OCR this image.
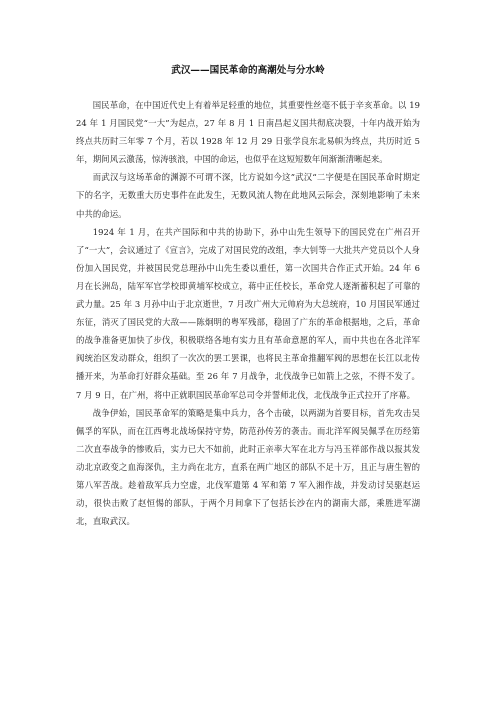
武汉——国民革命的高潮处与分水岭

国民革命，在中国近代史上有着举足轻重的地位，其重要性丝毫不低于辛亥革命。以 1924 年 1 月国民党“一大”为起点，27 年 8 月 1 日南昌起义国共彻底决裂，十年内战开始为终点共历时三年零 7 个月，若以 1928 年 12 月 29 日张学良东北易帜为终点，共历时近 5 年，期间风云激荡，惊涛骇浪，中国的命运，也似乎在这短短数年间渐渐清晰起来。

而武汉与这场革命的渊源不可谓不深，比方说如今这”武汉“二字便是在国民革命时期定下的名字，无数重大历史事件在此发生，无数风流人物在此地风云际会，深刻地影响了未来中共的命运。

1924 年 1 月，在共产国际和中共的协助下，孙中山先生领导下的国民党在广州召开了“一大”，会议通过了《宣言》，完成了对国民党的改组，李大钊等一大批共产党员以个人身份加入国民党，并被国民党总理孙中山先生委以重任，第一次国共合作正式开始。24 年 6 月在长洲岛，陆军军官学校即黄埔军校成立，蒋中正任校长，革命党人逐渐蓄积起了可靠的武力量。25 年 3 月孙中山于北京逝世，7 月改广州大元帅府为大总统府，10 月国民军通过东征，消灭了国民党的大敌——陈炯明的粤军残部，稳固了广东的革命根据地，之后，革命的战争准备更加快了步伐，积极联络各地有实力且有革命意愿的军人，而中共也在各北洋军阀统治区发动群众，组织了一次次的罢工罢课，也将民主革命推翻军阀的思想在长江以北传播开来，为革命打好群众基础。至 26 年 7 月战争，北伐战争已如箭上之弦，不得不发了。7 月 9 日，在广州，将中正就职国民革命军总司令并誓师北伐，北伐战争正式拉开了序幕。

战争伊始，国民革命军的策略是集中兵力，各个击破，以两湖为首要目标，首先攻击吴佩孚的军队，而在江西粤北战场保持守势，防范孙传芳的袭击。而北洋军阀吴佩孚在历经第二次直奉战争的惨败后，实力已大不如前，此时正亲率大军在北方与冯玉祥部作战以报其发动北京政变之血海深仇，主力尚在北方，直系在两广地区的部队不足十万，且正与唐生智的第八军苦战。趁着敌军兵力空虚，北伐军遣第 4 军和第 7 军入湘作战，并发动讨吴驱赵运动，很快击败了赵恒惕的部队，于两个月间拿下了包括长沙在内的湖南大部，乘胜进军湖北，直取武汉。
